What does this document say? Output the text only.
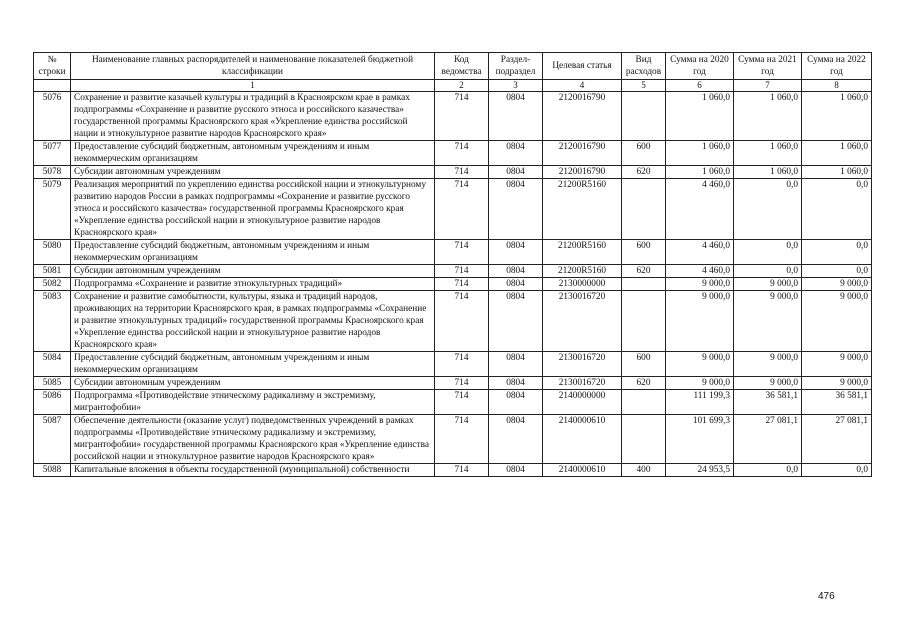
№ строки	Наименование главных распорядителей и наименование показателей бюджетной классификации	Код ведомства	Раздел-подраздел	Целевая статья	Вид расходов	Сумма на 2020 год	Сумма на 2021 год	Сумма на 2022 год
	1	2	3	4	5	6	7	8
5076	Сохранение и развитие казачьей культуры и традиций в Красноярском крае в рамках подпрограммы «Сохранение и развитие русского этноса и российского казачества» государственной программы Красноярского края «Укрепление единства российской нации и этнокультурное развитие народов Красноярского края»	714	0804	2120016790		1 060,0	1 060,0	1 060,0
5077	Предоставление субсидий бюджетным, автономным учреждениям и иным некоммерческим организациям	714	0804	2120016790	600	1 060,0	1 060,0	1 060,0
5078	Субсидии автономным учреждениям	714	0804	2120016790	620	1 060,0	1 060,0	1 060,0
5079	Реализация мероприятий по укреплению единства российской нации и этнокультурному развитию народов России в рамках подпрограммы «Сохранение и развитие русского этноса и российского казачества» государственной программы Красноярского края «Укрепление единства российской нации и этнокультурное развитие народов Красноярского края»	714	0804	21200R5160		4 460,0	0,0	0,0
5080	Предоставление субсидий бюджетным, автономным учреждениям и иным некоммерческим организациям	714	0804	21200R5160	600	4 460,0	0,0	0,0
5081	Субсидии автономным учреждениям	714	0804	21200R5160	620	4 460,0	0,0	0,0
5082	Подпрограмма «Сохранение и развитие этнокультурных традиций»	714	0804	2130000000		9 000,0	9 000,0	9 000,0
5083	Сохранение и развитие самобытности, культуры, языка и традиций народов, проживающих на территории Красноярского края, в рамках подпрограммы «Сохранение и развитие этнокультурных традиций» государственной программы Красноярского края «Укрепление единства российской нации и этнокультурное развитие народов Красноярского края»	714	0804	2130016720		9 000,0	9 000,0	9 000,0
5084	Предоставление субсидий бюджетным, автономным учреждениям и иным некоммерческим организациям	714	0804	2130016720	600	9 000,0	9 000,0	9 000,0
5085	Субсидии автономным учреждениям	714	0804	2130016720	620	9 000,0	9 000,0	9 000,0
5086	Подпрограмма «Противодействие этническому радикализму и экстремизму, мигрантофобии»	714	0804	2140000000		111 199,3	36 581,1	36 581,1
5087	Обеспечение деятельности (оказание услуг) подведомственных учреждений в рамках подпрограммы «Противодействие этническому радикализму и экстремизму, мигрантофобии» государственной программы Красноярского края «Укрепление единства российской нации и этнокультурное развитие народов Красноярского края»	714	0804	2140000610		101 699,3	27 081,1	27 081,1
5088	Капитальные вложения в объекты государственной (муниципальной) собственности	714	0804	2140000610	400	24 953,5	0,0	0,0
476
